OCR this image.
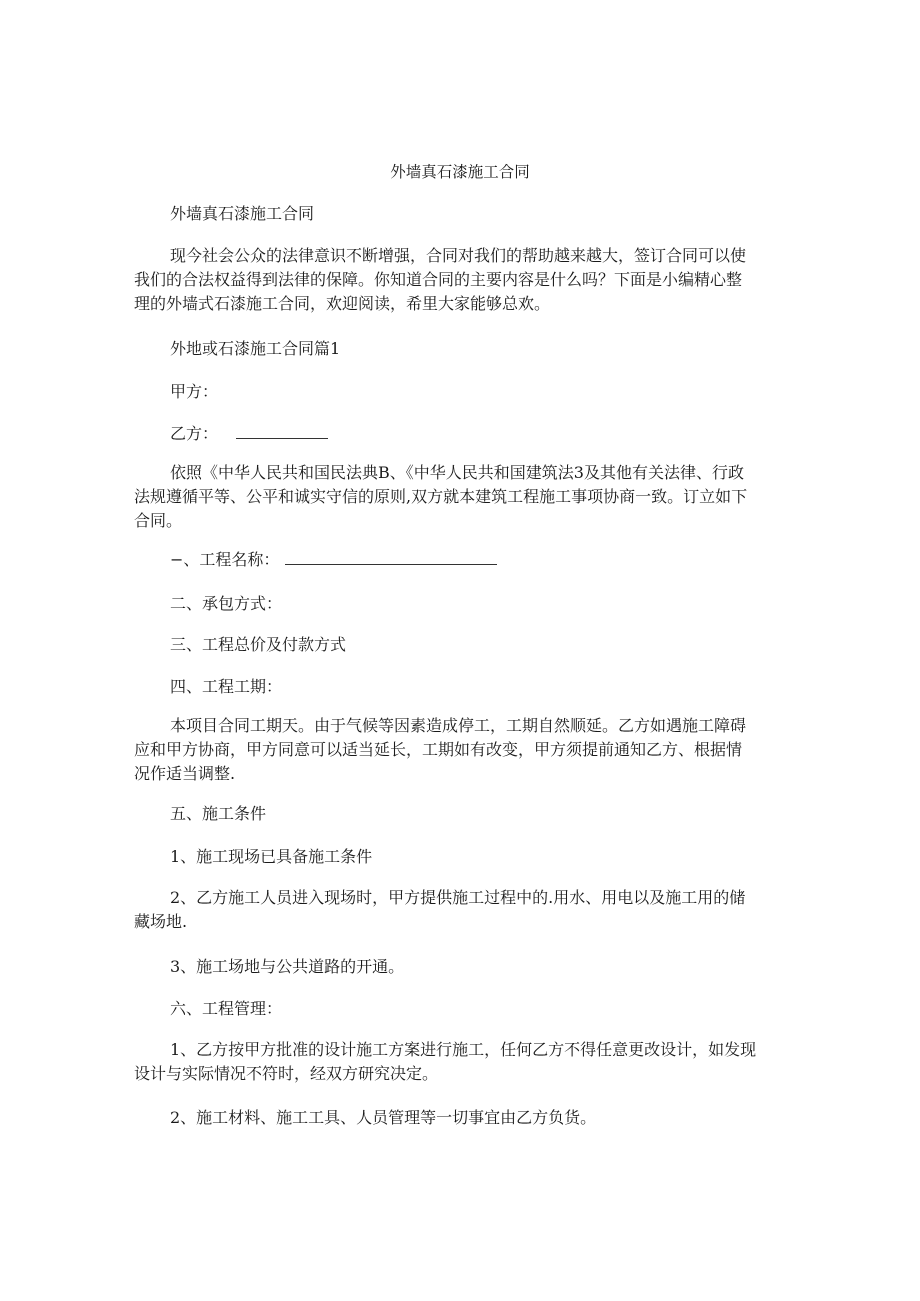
外墙真石漆施工合同
外墙真石漆施工合同
现今社会公众的法律意识不断增强，合同对我们的帮助越来越大，签订合同可以使
我们的合法权益得到法律的保障。你知道合同的主要内容是什么吗？下面是小编精心整
理的外墙式石漆施工合同，欢迎阅读，希里大家能够总欢。
外地或石漆施工合同篇1
甲方：
乙方：
依照《中华人民共和国民法典B、《中华人民共和国建筑法3及其他有关法律、行政
法规遵循平等、公平和诚实守信的原则,双方就本建筑工程施工事项协商一致。订立如下
合同。
−、工程名称：
二、承包方式：
三、工程总价及付款方式
四、工程工期：
本项目合同工期天。由于气候等因素造成停工，工期自然顺延。乙方如遇施工障碍
应和甲方协商，甲方同意可以适当延长，工期如有改变，甲方须提前通知乙方、根据情
况作适当调整.
五、施工条件
1、施工现场已具备施工条件
2、乙方施工人员进入现场时，甲方提供施工过程中的.用水、用电以及施工用的储
藏场地.
3、施工场地与公共道路的开通。
六、工程管理：
1、乙方按甲方批准的设计施工方案进行施工，任何乙方不得任意更改设计，如发现
设计与实际情况不符时，经双方研究决定。
2、施工材料、施工工具、人员管理等一切事宜由乙方负货。
